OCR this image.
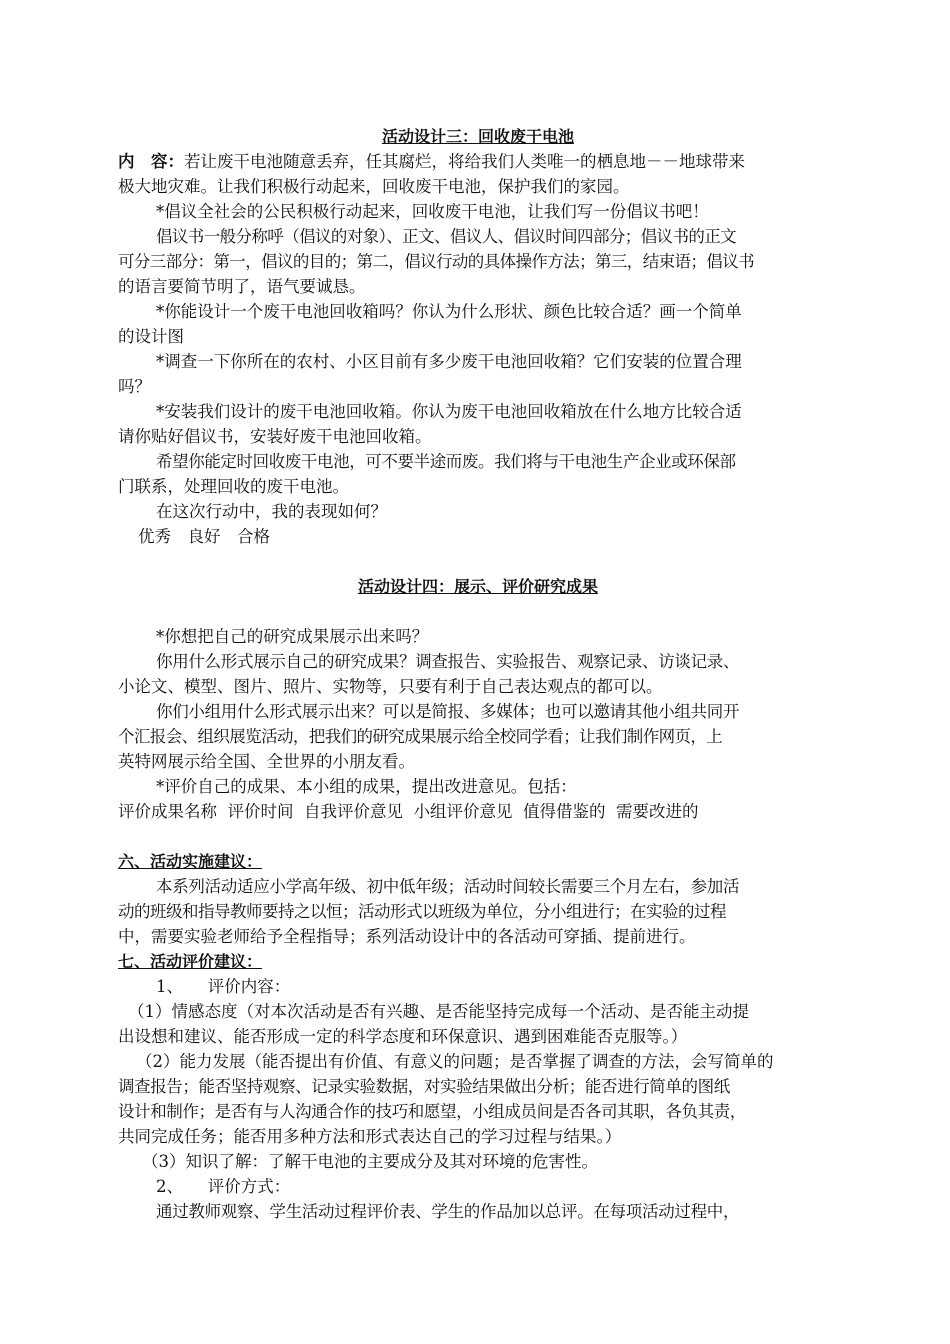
活动设计三：回收废干电池
内　容：若让废干电池随意丢弃，任其腐烂，将给我们人类唯一的栖息地－－地球带来
极大地灾难。让我们积极行动起来，回收废干电池，保护我们的家园。
*倡议全社会的公民积极行动起来，回收废干电池，让我们写一份倡议书吧！
倡议书一般分称呼（倡议的对象）、正文、倡议人、倡议时间四部分；倡议书的正文
可分三部分：第一，倡议的目的；第二，倡议行动的具体操作方法；第三，结束语；倡议书
的语言要简节明了，语气要诚恳。
*你能设计一个废干电池回收箱吗？你认为什么形状、颜色比较合适？画一个简单
的设计图
*调查一下你所在的农村、小区目前有多少废干电池回收箱？它们安装的位置合理
吗？
*安装我们设计的废干电池回收箱。你认为废干电池回收箱放在什么地方比较合适
请你贴好倡议书，安装好废干电池回收箱。
希望你能定时回收废干电池，可不要半途而废。我们将与干电池生产企业或环保部
门联系，处理回收的废干电池。
在这次行动中，我的表现如何？
优秀　良好　合格
活动设计四：展示、评价研究成果
*你想把自己的研究成果展示出来吗？
你用什么形式展示自己的研究成果？调查报告、实验报告、观察记录、访谈记录、
小论文、模型、图片、照片、实物等，只要有利于自己表达观点的都可以。
你们小组用什么形式展示出来？可以是简报、多媒体；也可以邀请其他小组共同开
个汇报会、组织展览活动，把我们的研究成果展示给全校同学看；让我们制作网页，上
英特网展示给全国、全世界的小朋友看。
*评价自己的成果、本小组的成果，提出改进意见。包括：
评价成果名称  评价时间  自我评价意见  小组评价意见  值得借鉴的  需要改进的
六、活动实施建议：
本系列活动适应小学高年级、初中低年级；活动时间较长需要三个月左右，参加活
动的班级和指导教师要持之以恒；活动形式以班级为单位，分小组进行；在实验的过程
中，需要实验老师给予全程指导；系列活动设计中的各活动可穿插、提前进行。
七、活动评价建议：
1、　　评价内容：
（1）情感态度（对本次活动是否有兴趣、是否能坚持完成每一个活动、是否能主动提
出设想和建议、能否形成一定的科学态度和环保意识、遇到困难能否克服等。）
（2）能力发展（能否提出有价值、有意义的问题；是否掌握了调查的方法，会写简单的
调查报告；能否坚持观察、记录实验数据，对实验结果做出分析；能否进行简单的图纸
设计和制作；是否有与人沟通合作的技巧和愿望，小组成员间是否各司其职，各负其责，
共同完成任务；能否用多种方法和形式表达自己的学习过程与结果。）
（3）知识了解：了解干电池的主要成分及其对环境的危害性。
2、　　评价方式：
通过教师观察、学生活动过程评价表、学生的作品加以总评。在每项活动过程中，
